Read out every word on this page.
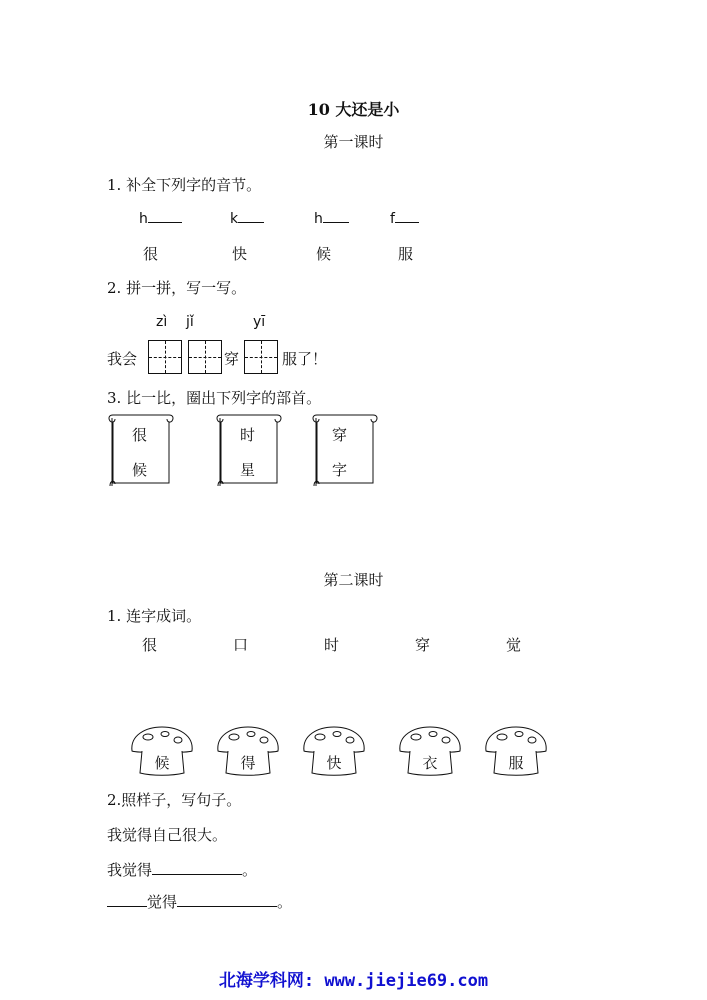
10 大还是小
第一课时
1. 补全下列字的音节。
h	k	h	f
很	快	候	服
2. 拼一拼，写一写。
zì jǐ	yī
我会	穿	服了！
3. 比一比，圈出下列字的部首。
很
候
时
星
穿
字
第二课时
1. 连字成词。
很	口	时	穿	觉
候	得	快	衣	服
2.照样子，写句子。
我觉得自己很大。
我觉得	。
觉得	。
北海学科网: www.jiejie69.com
